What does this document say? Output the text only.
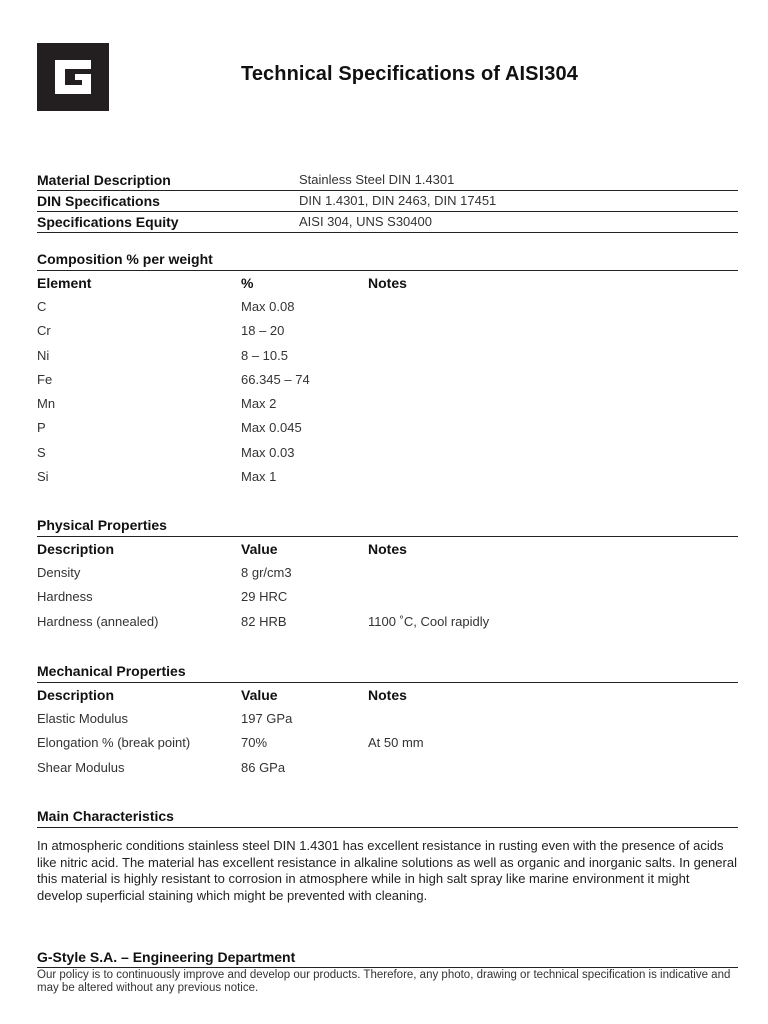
Technical Specifications of AISI304
Material Description	Stainless Steel DIN 1.4301
DIN Specifications	DIN 1.4301, DIN 2463, DIN 17451
Specifications Equity	AISI 304, UNS S30400
Composition % per weight
Element	%	Notes
C	Max 0.08
Cr	18 – 20
Ni	8 – 10.5
Fe	66.345 – 74
Mn	Max 2
P	Max 0.045
S	Max 0.03
Si	Max 1
Physical Properties
Description	Value	Notes
Density	8 gr/cm3
Hardness	29 HRC
Hardness (annealed)	82 HRB	1100 ˚C, Cool rapidly
Mechanical Properties
Description	Value	Notes
Elastic Modulus	197 GPa
Elongation % (break point)	70%	At 50 mm
Shear Modulus	86 GPa
Main Characteristics
In atmospheric conditions stainless steel DIN 1.4301 has excellent resistance in rusting even with the presence of acids like nitric acid. The material has excellent resistance in alkaline solutions as well as organic and inorganic salts. In general this material is highly resistant to corrosion in atmosphere while in high salt spray like marine environment it might develop superficial staining which might be prevented with cleaning.
G-Style S.A. – Engineering Department
Our policy is to continuously improve and develop our products. Therefore, any photo, drawing or technical specification is indicative and may be altered without any previous notice.
